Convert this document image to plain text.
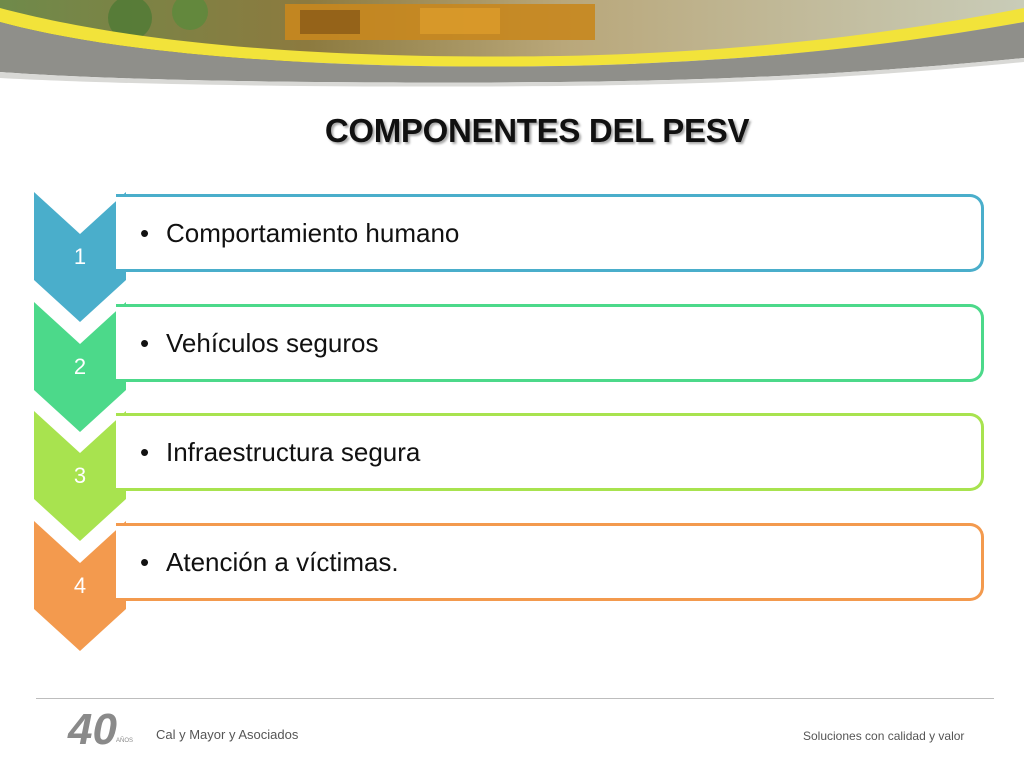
COMPONENTES DEL PESV
1
• Comportamiento humano
2
• Vehículos seguros
3
• Infraestructura segura
4
• Atención a víctimas.
40 AÑOS Cal y Mayor y Asociados	Soluciones con calidad y valor
